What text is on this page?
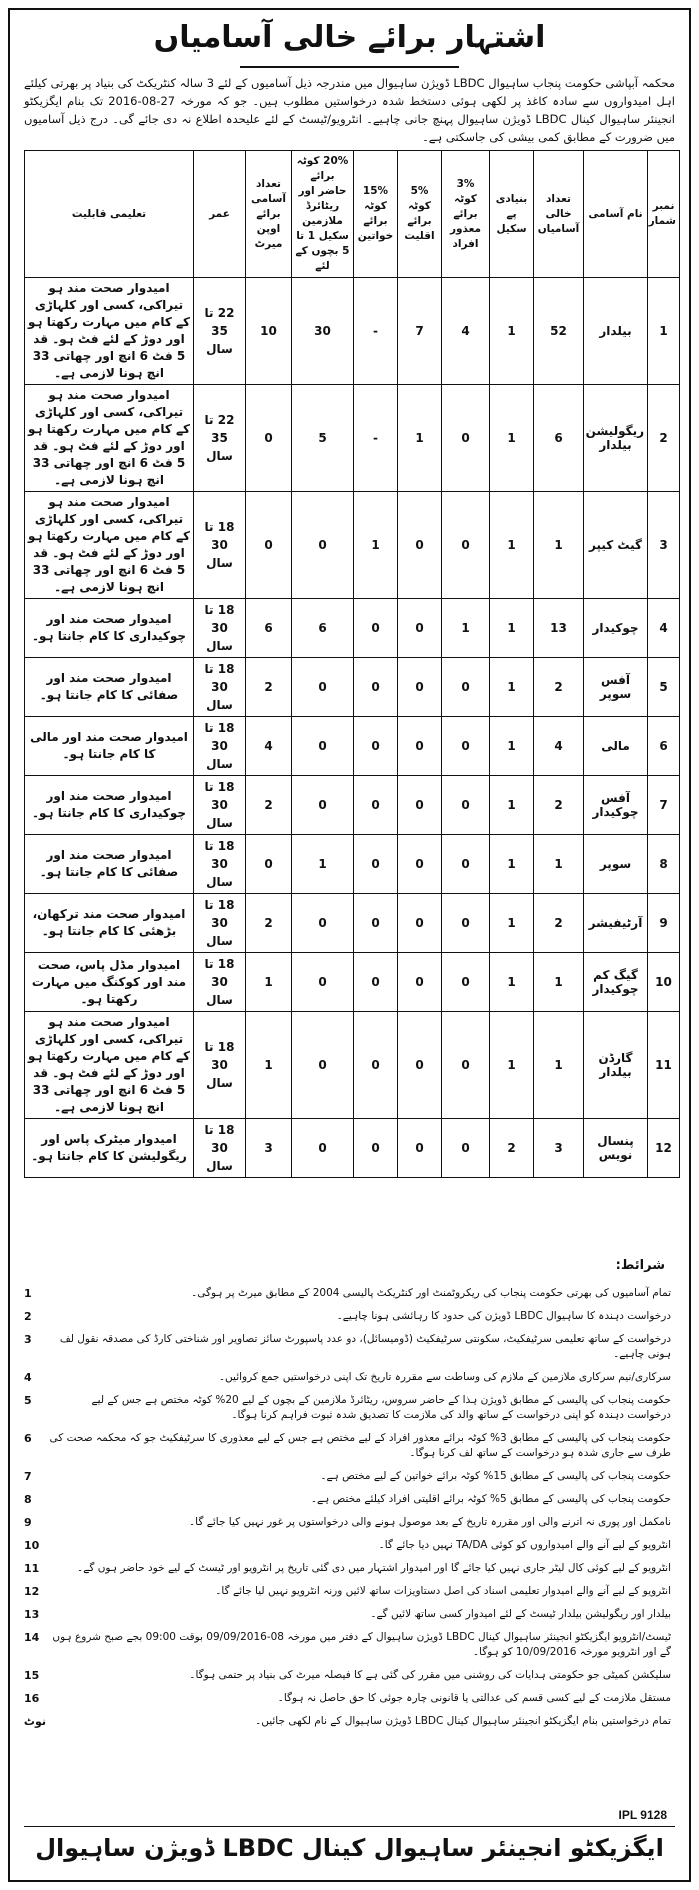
اشتہار برائے خالی آسامیاں
محکمہ آبپاشی حکومت پنجاب ساہیوال LBDC ڈویژن ساہیوال میں مندرجہ ذیل آسامیوں کے لئے 3 سالہ کنٹریکٹ کی بنیاد پر بھرتی کیلئے اہل امیدواروں سے سادہ کاغذ پر لکھی ہوئی دستخط شدہ درخواستیں مطلوب ہیں۔ جو کہ مورخہ 27-08-2016 تک بنام ایگزیکٹو انجینئر ساہیوال کینال LBDC ڈویژن ساہیوال پہنچ جانی چاہیے۔ انٹرویو/ٹیسٹ کے لئے علیحدہ اطلاع نہ دی جائے گی۔ درج ذیل آسامیوں میں ضرورت کے مطابق کمی بیشی کی جاسکتی ہے۔
نمبر شمار	نام آسامی	تعداد خالی آسامیاں	بنیادی پے سکیل	3% کوٹہ برائے معذور افراد	5% کوٹہ برائے اقلیت	15% کوٹہ برائے خواتین	20% کوٹہ برائے حاضر اور ریٹائرڈ ملازمین سکیل 1 تا 5 بچوں کے لئے	تعداد آسامی برائے اوپن میرٹ	عمر	تعلیمی قابلیت
1	بیلدار	52	1	4	7	-	30	10	22 تا 35 سال	امیدوار صحت مند ہو تیراکی، کسی اور کلہاڑی کے کام میں مہارت رکھتا ہو اور دوڑ کے لئے فٹ ہو۔ قد 5 فٹ 6 انچ اور چھاتی 33 انچ ہونا لازمی ہے۔
2	ریگولیشن بیلدار	6	1	0	1	-	5	0	22 تا 35 سال	امیدوار صحت مند ہو تیراکی، کسی اور کلہاڑی کے کام میں مہارت رکھتا ہو اور دوڑ کے لئے فٹ ہو۔ قد 5 فٹ 6 انچ اور چھاتی 33 انچ ہونا لازمی ہے۔
3	گیٹ کیپر	1	1	0	0	1	0	0	18 تا 30 سال	امیدوار صحت مند ہو تیراکی، کسی اور کلہاڑی کے کام میں مہارت رکھتا ہو اور دوڑ کے لئے فٹ ہو۔ قد 5 فٹ 6 انچ اور چھاتی 33 انچ ہونا لازمی ہے۔
4	چوکیدار	13	1	1	0	0	6	6	18 تا 30 سال	امیدوار صحت مند اور چوکیداری کا کام جانتا ہو۔
5	آفس سوپر	2	1	0	0	0	0	2	18 تا 30 سال	امیدوار صحت مند اور صفائی کا کام جانتا ہو۔
6	مالی	4	1	0	0	0	0	4	18 تا 30 سال	امیدوار صحت مند اور مالی کا کام جانتا ہو۔
7	آفس چوکیدار	2	1	0	0	0	0	2	18 تا 30 سال	امیدوار صحت مند اور چوکیداری کا کام جانتا ہو۔
8	سوپر	1	1	0	0	0	1	0	18 تا 30 سال	امیدوار صحت مند اور صفائی کا کام جانتا ہو۔
9	آرٹیفیشر	2	1	0	0	0	0	2	18 تا 30 سال	امیدوار صحت مند ترکھان، بڑھئی کا کام جانتا ہو۔
10	گیگ کم چوکیدار	1	1	0	0	0	0	1	18 تا 30 سال	امیدوار مڈل پاس، صحت مند اور کوکنگ میں مہارت رکھتا ہو۔
11	گارڈن بیلدار	1	1	0	0	0	0	1	18 تا 30 سال	امیدوار صحت مند ہو تیراکی، کسی اور کلہاڑی کے کام میں مہارت رکھتا ہو اور دوڑ کے لئے فٹ ہو۔ قد 5 فٹ 6 انچ اور چھاتی 33 انچ ہونا لازمی ہے۔
12	پنسال نویس	3	2	0	0	0	0	3	18 تا 30 سال	امیدوار میٹرک پاس اور ریگولیشن کا کام جانتا ہو۔
شرائط:
تمام آسامیوں کی بھرتی حکومت پنجاب کی ریکروٹمنٹ اور کنٹریکٹ پالیسی 2004 کے مطابق میرٹ پر ہوگی۔
1
درخواست دہندہ کا ساہیوال LBDC ڈویژن کی حدود کا رہائشی ہونا چاہیے۔
2
درخواست کے ساتھ تعلیمی سرٹیفکیٹ، سکونتی سرٹیفکیٹ (ڈومیسائل)، دو عدد پاسپورٹ سائز تصاویر اور شناختی کارڈ کی مصدقہ نقول لف ہونی چاہیے۔
3
سرکاری/نیم سرکاری ملازمین کے ملازم کی وساطت سے مقررہ تاریخ تک اپنی درخواستیں جمع کروائیں۔
4
حکومت پنجاب کی پالیسی کے مطابق ڈویژن ہذا کے حاضر سروس، ریٹائرڈ ملازمین کے بچوں کے لیے 20% کوٹہ مختص ہے جس کے لیے درخواست دہندہ کو اپنی درخواست کے ساتھ والد کی ملازمت کا تصدیق شدہ ثبوت فراہم کرنا ہوگا۔
5
حکومت پنجاب کی پالیسی کے مطابق 3% کوٹہ برائے معذور افراد کے لیے مختص ہے جس کے لیے معذوری کا سرٹیفکیٹ جو کہ محکمہ صحت کی طرف سے جاری شدہ ہو درخواست کے ساتھ لف کرنا ہوگا۔
6
حکومت پنجاب کی پالیسی کے مطابق 15% کوٹہ برائے خواتین کے لیے مختص ہے۔
7
حکومت پنجاب کی پالیسی کے مطابق 5% کوٹہ برائے اقلیتی افراد کیلئے مختص ہے۔
8
نامکمل اور پوری نہ اترنے والی اور مقررہ تاریخ کے بعد موصول ہونے والی درخواستوں پر غور نہیں کیا جائے گا۔
9
انٹرویو کے لیے آنے والے امیدواروں کو کوئی TA/DA نہیں دیا جائے گا۔
10
انٹرویو کے لیے کوئی کال لیٹر جاری نہیں کیا جائے گا اور امیدوار اشتہار میں دی گئی تاریخ پر انٹرویو اور ٹیسٹ کے لیے خود حاضر ہوں گے۔
11
انٹرویو کے لیے آنے والے امیدوار تعلیمی اسناد کی اصل دستاویزات ساتھ لائیں ورنہ انٹرویو نہیں لیا جائے گا۔
12
بیلدار اور ریگولیشن بیلدار ٹیسٹ کے لئے امیدوار کسی ساتھ لائیں گے۔
13
ٹیسٹ/انٹرویو ایگزیکٹو انجینئر ساہیوال کینال LBDC ڈویژن ساہیوال کے دفتر میں مورخہ 08-09/09/2016 بوقت 09:00 بجے صبح شروع ہوں گے اور انٹرویو مورخہ 10/09/2016 کو ہوگا۔
14
سلیکشن کمیٹی جو حکومتی ہدایات کی روشنی میں مقرر کی گئی ہے کا فیصلہ میرٹ کی بنیاد پر حتمی ہوگا۔
15
مستقل ملازمت کے لیے کسی قسم کی عدالتی یا قانونی چارہ جوئی کا حق حاصل نہ ہوگا۔
16
تمام درخواستیں بنام ایگزیکٹو انجینئر ساہیوال کینال LBDC ڈویژن ساہیوال کے نام لکھی جائیں۔
نوٹ
IPL 9128
ایگزیکٹو انجینئر ساہیوال کینال LBDC ڈویژن ساہیوال
